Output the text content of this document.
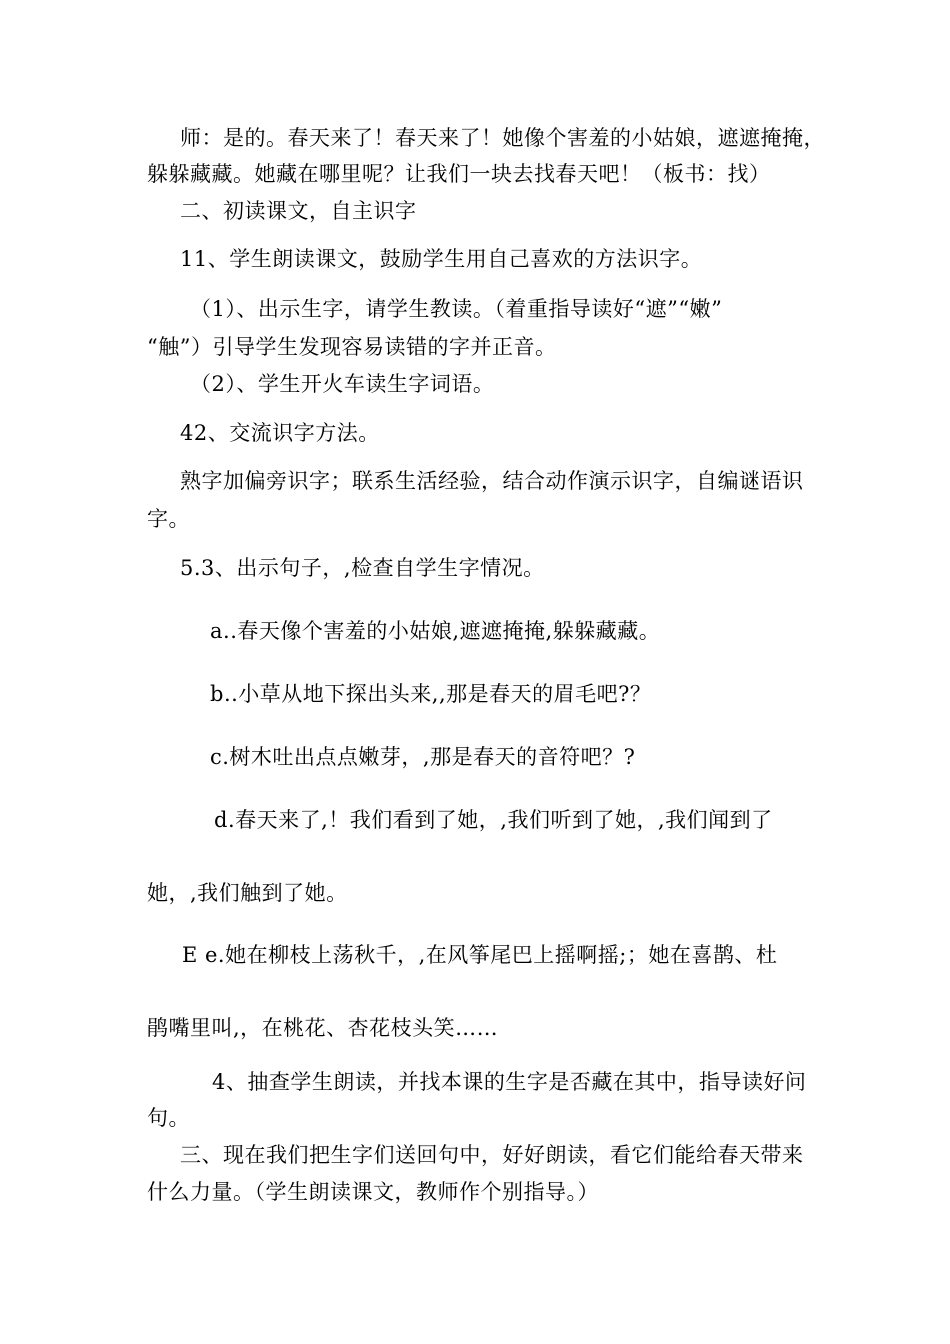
师：是的。春天来了！春天来了！她像个害羞的小姑娘，遮遮掩掩，
躲躲藏藏。她藏在哪里呢？让我们一块去找春天吧！（板书：找）
二、初读课文，自主识字
11、学生朗读课文，鼓励学生用自己喜欢的方法识字。
（1）、出示生字，请学生教读。（着重指导读好“遮”“嫩”
“触”）引导学生发现容易读错的字并正音。
（2）、学生开火车读生字词语。
42、交流识字方法。
熟字加偏旁识字；联系生活经验，结合动作演示识字，自编谜语识
字。
5.3、出示句子，,检查自学生字情况。
a..春天像个害羞的小姑娘,遮遮掩掩,躲躲藏藏。
b..小草从地下探出头来,,那是春天的眉毛吧?？
c.树木吐出点点嫩芽，,那是春天的音符吧？?
d.春天来了,！我们看到了她，,我们听到了她，,我们闻到了
她，,我们触到了她。
E e.她在柳枝上荡秋千，,在风筝尾巴上摇啊摇;；她在喜鹊、杜
鹃嘴里叫,，在桃花、杏花枝头笑……
4、抽查学生朗读，并找本课的生字是否藏在其中，指导读好问
句。
三、现在我们把生字们送回句中，好好朗读，看它们能给春天带来
什么力量。（学生朗读课文，教师作个别指导。）
